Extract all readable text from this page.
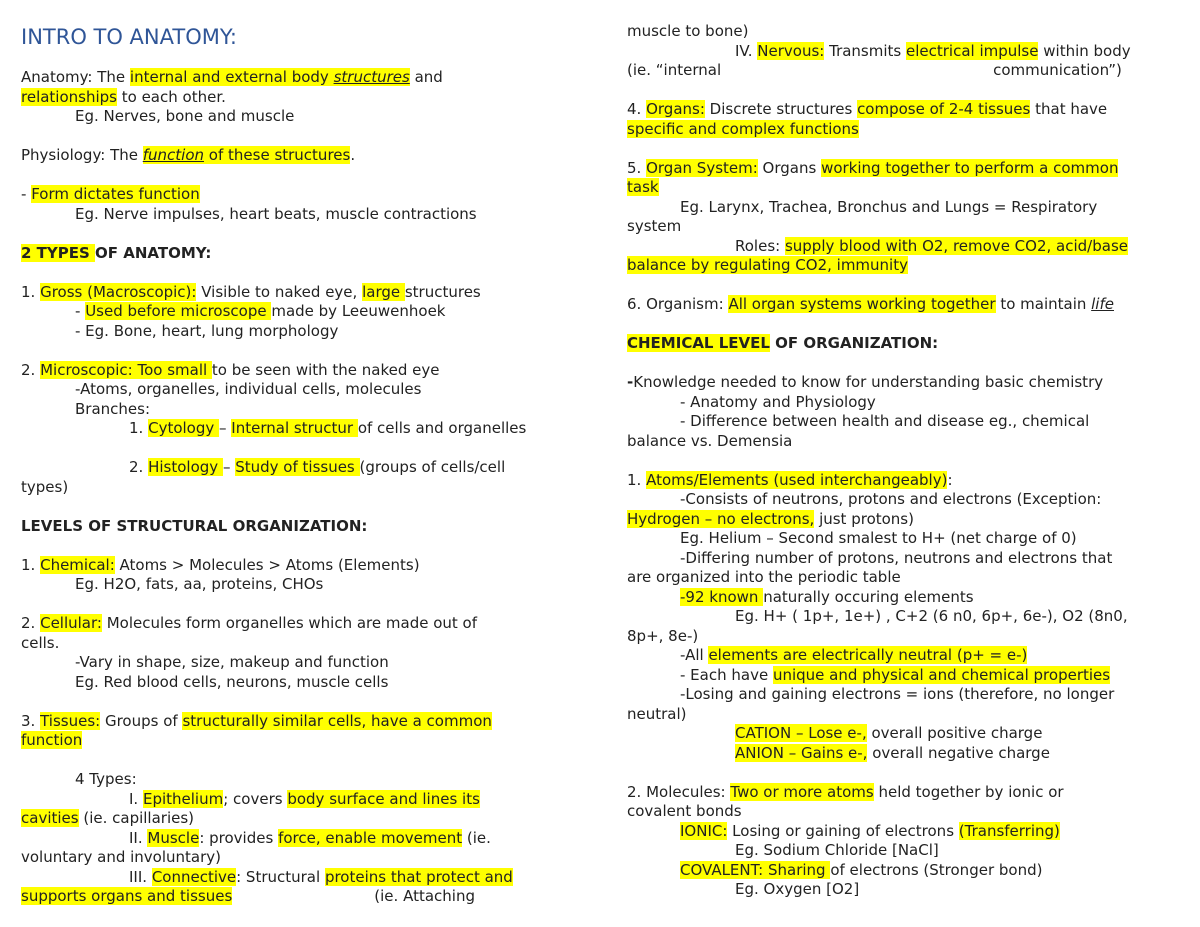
INTRO TO ANATOMY:
Anatomy: The internal and external body structures and
relationships to each other.
Eg. Nerves, bone and muscle
Physiology: The function of these structures.
- Form dictates function
Eg. Nerve impulses, heart beats, muscle contractions
2 TYPES OF ANATOMY:
1. Gross (Macroscopic): Visible to naked eye, large structures
- Used before microscope made by Leeuwenhoek
- Eg. Bone, heart, lung morphology
2. Microscopic: Too small to be seen with the naked eye
-Atoms, organelles, individual cells, molecules
Branches:
1. Cytology – Internal structur of cells and organelles
2. Histology – Study of tissues (groups of cells/cell
types)
LEVELS OF STRUCTURAL ORGANIZATION:
1. Chemical: Atoms > Molecules > Atoms (Elements)
Eg. H2O, fats, aa, proteins, CHOs
2. Cellular: Molecules form organelles which are made out of
cells.
-Vary in shape, size, makeup and function
Eg. Red blood cells, neurons, muscle cells
3. Tissues: Groups of structurally similar cells, have a common
function
4 Types:
I. Epithelium; covers body surface and lines its
cavities (ie. capillaries)
II. Muscle: provides force, enable movement (ie.
voluntary and involuntary)
III. Connective: Structural proteins that protect and
supports organs and tissues	(ie. Attaching
muscle to bone)
IV. Nervous: Transmits electrical impulse within body
(ie. “internal	communication”)
4. Organs: Discrete structures compose of 2-4 tissues that have
specific and complex functions
5. Organ System: Organs working together to perform a common
task
Eg. Larynx, Trachea, Bronchus and Lungs = Respiratory
system
Roles: supply blood with O2, remove CO2, acid/base
balance by regulating CO2, immunity
6. Organism: All organ systems working together to maintain life
CHEMICAL LEVEL OF ORGANIZATION:
-Knowledge needed to know for understanding basic chemistry
- Anatomy and Physiology
- Difference between health and disease eg., chemical
balance vs. Demensia
1. Atoms/Elements (used interchangeably):
-Consists of neutrons, protons and electrons (Exception:
Hydrogen – no electrons, just protons)
Eg. Helium – Second smalest to H+ (net charge of 0)
-Differing number of protons, neutrons and electrons that
are organized into the periodic table
-92 known naturally occuring elements
Eg. H+ ( 1p+, 1e+) , C+2 (6 n0, 6p+, 6e-), O2 (8n0,
8p+, 8e-)
-All elements are electrically neutral (p+ = e-)
- Each have unique and physical and chemical properties
-Losing and gaining electrons = ions (therefore, no longer
neutral)
CATION – Lose e-, overall positive charge
ANION – Gains e-, overall negative charge
2. Molecules: Two or more atoms held together by ionic or
covalent bonds
IONIC: Losing or gaining of electrons (Transferring)
Eg. Sodium Chloride [NaCl]
COVALENT: Sharing of electrons (Stronger bond)
Eg. Oxygen [O2]
